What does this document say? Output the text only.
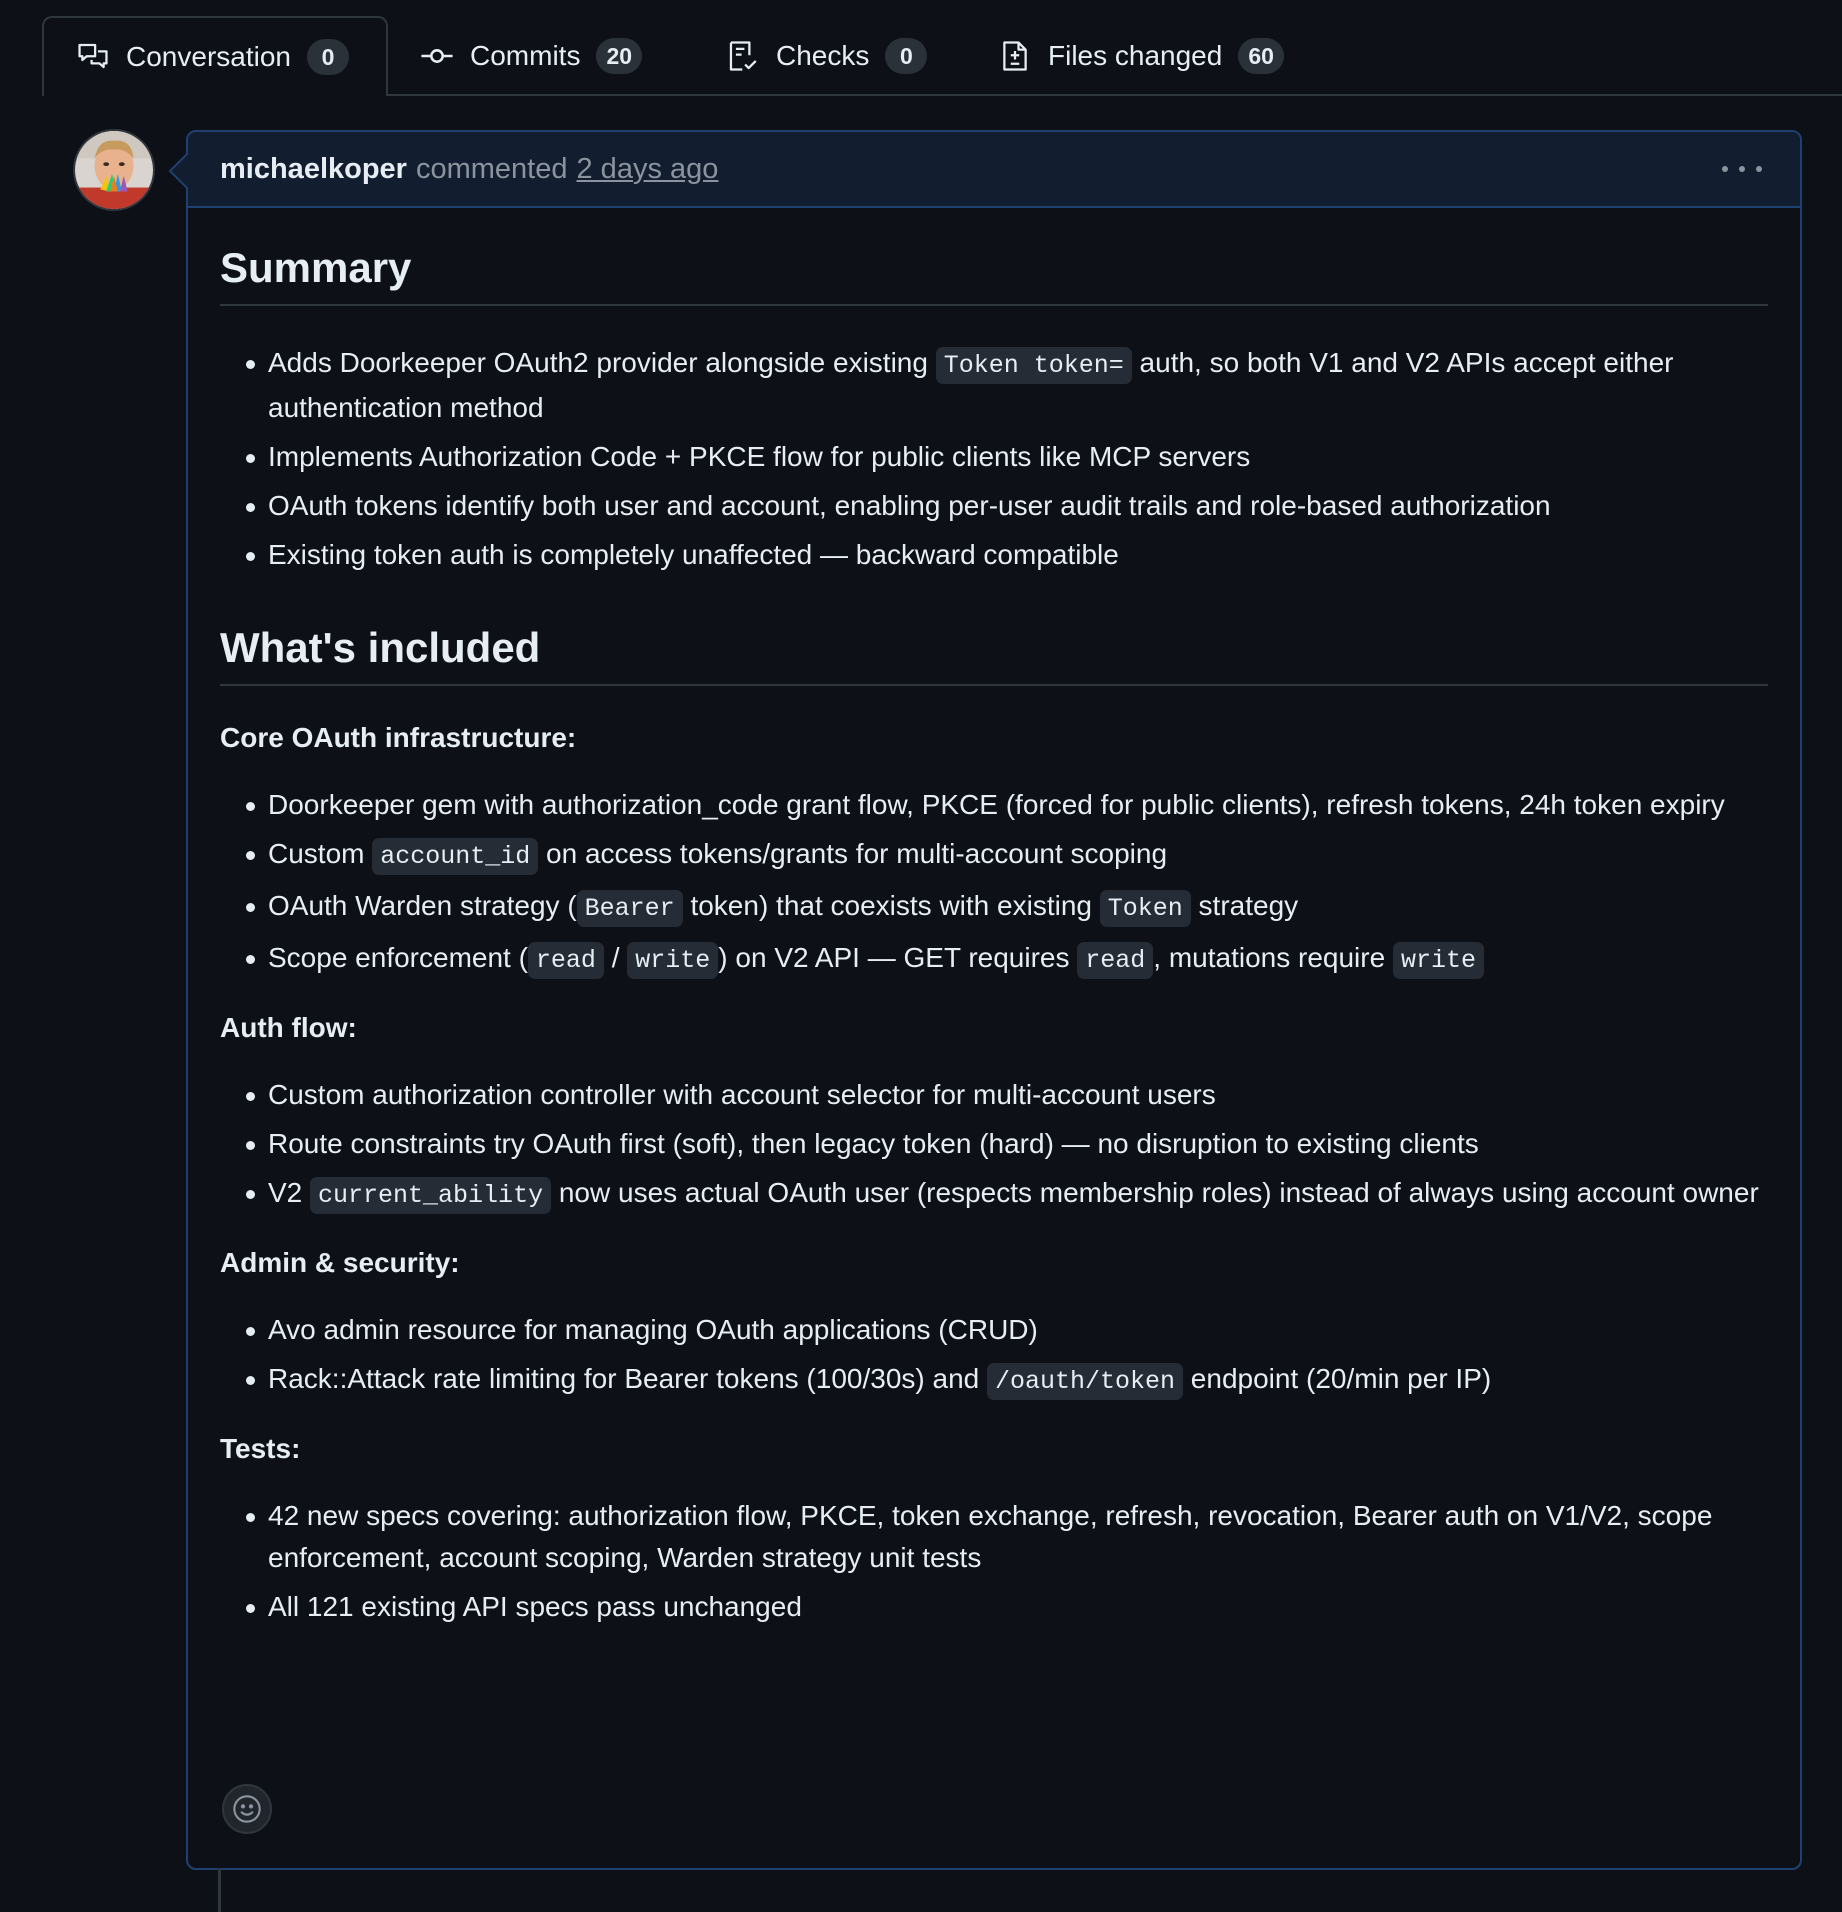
Conversation	0	Commits	20	Checks	0	Files changed	60
michaelkoper commented 2 days ago
Summary
Adds Doorkeeper OAuth2 provider alongside existing Token token= auth, so both V1 and V2 APIs accept either authentication method
Implements Authorization Code + PKCE flow for public clients like MCP servers
OAuth tokens identify both user and account, enabling per-user audit trails and role-based authorization
Existing token auth is completely unaffected — backward compatible
What's included

Core OAuth infrastructure:

Doorkeeper gem with authorization_code grant flow, PKCE (forced for public clients), refresh tokens, 24h token expiry
Custom account_id on access tokens/grants for multi-account scoping
OAuth Warden strategy ( Bearer token) that coexists with existing Token strategy
Scope enforcement ( read / write ) on V2 API — GET requires read , mutations require write

Auth flow:

Custom authorization controller with account selector for multi-account users
Route constraints try OAuth first (soft), then legacy token (hard) — no disruption to existing clients
V2 current_ability now uses actual OAuth user (respects membership roles) instead of always using account owner

Admin & security:

Avo admin resource for managing OAuth applications (CRUD)
Rack::Attack rate limiting for Bearer tokens (100/30s) and /oauth/token endpoint (20/min per IP)

Tests:

42 new specs covering: authorization flow, PKCE, token exchange, refresh, revocation, Bearer auth on V1/V2, scope enforcement, account scoping, Warden strategy unit tests
All 121 existing API specs pass unchanged
